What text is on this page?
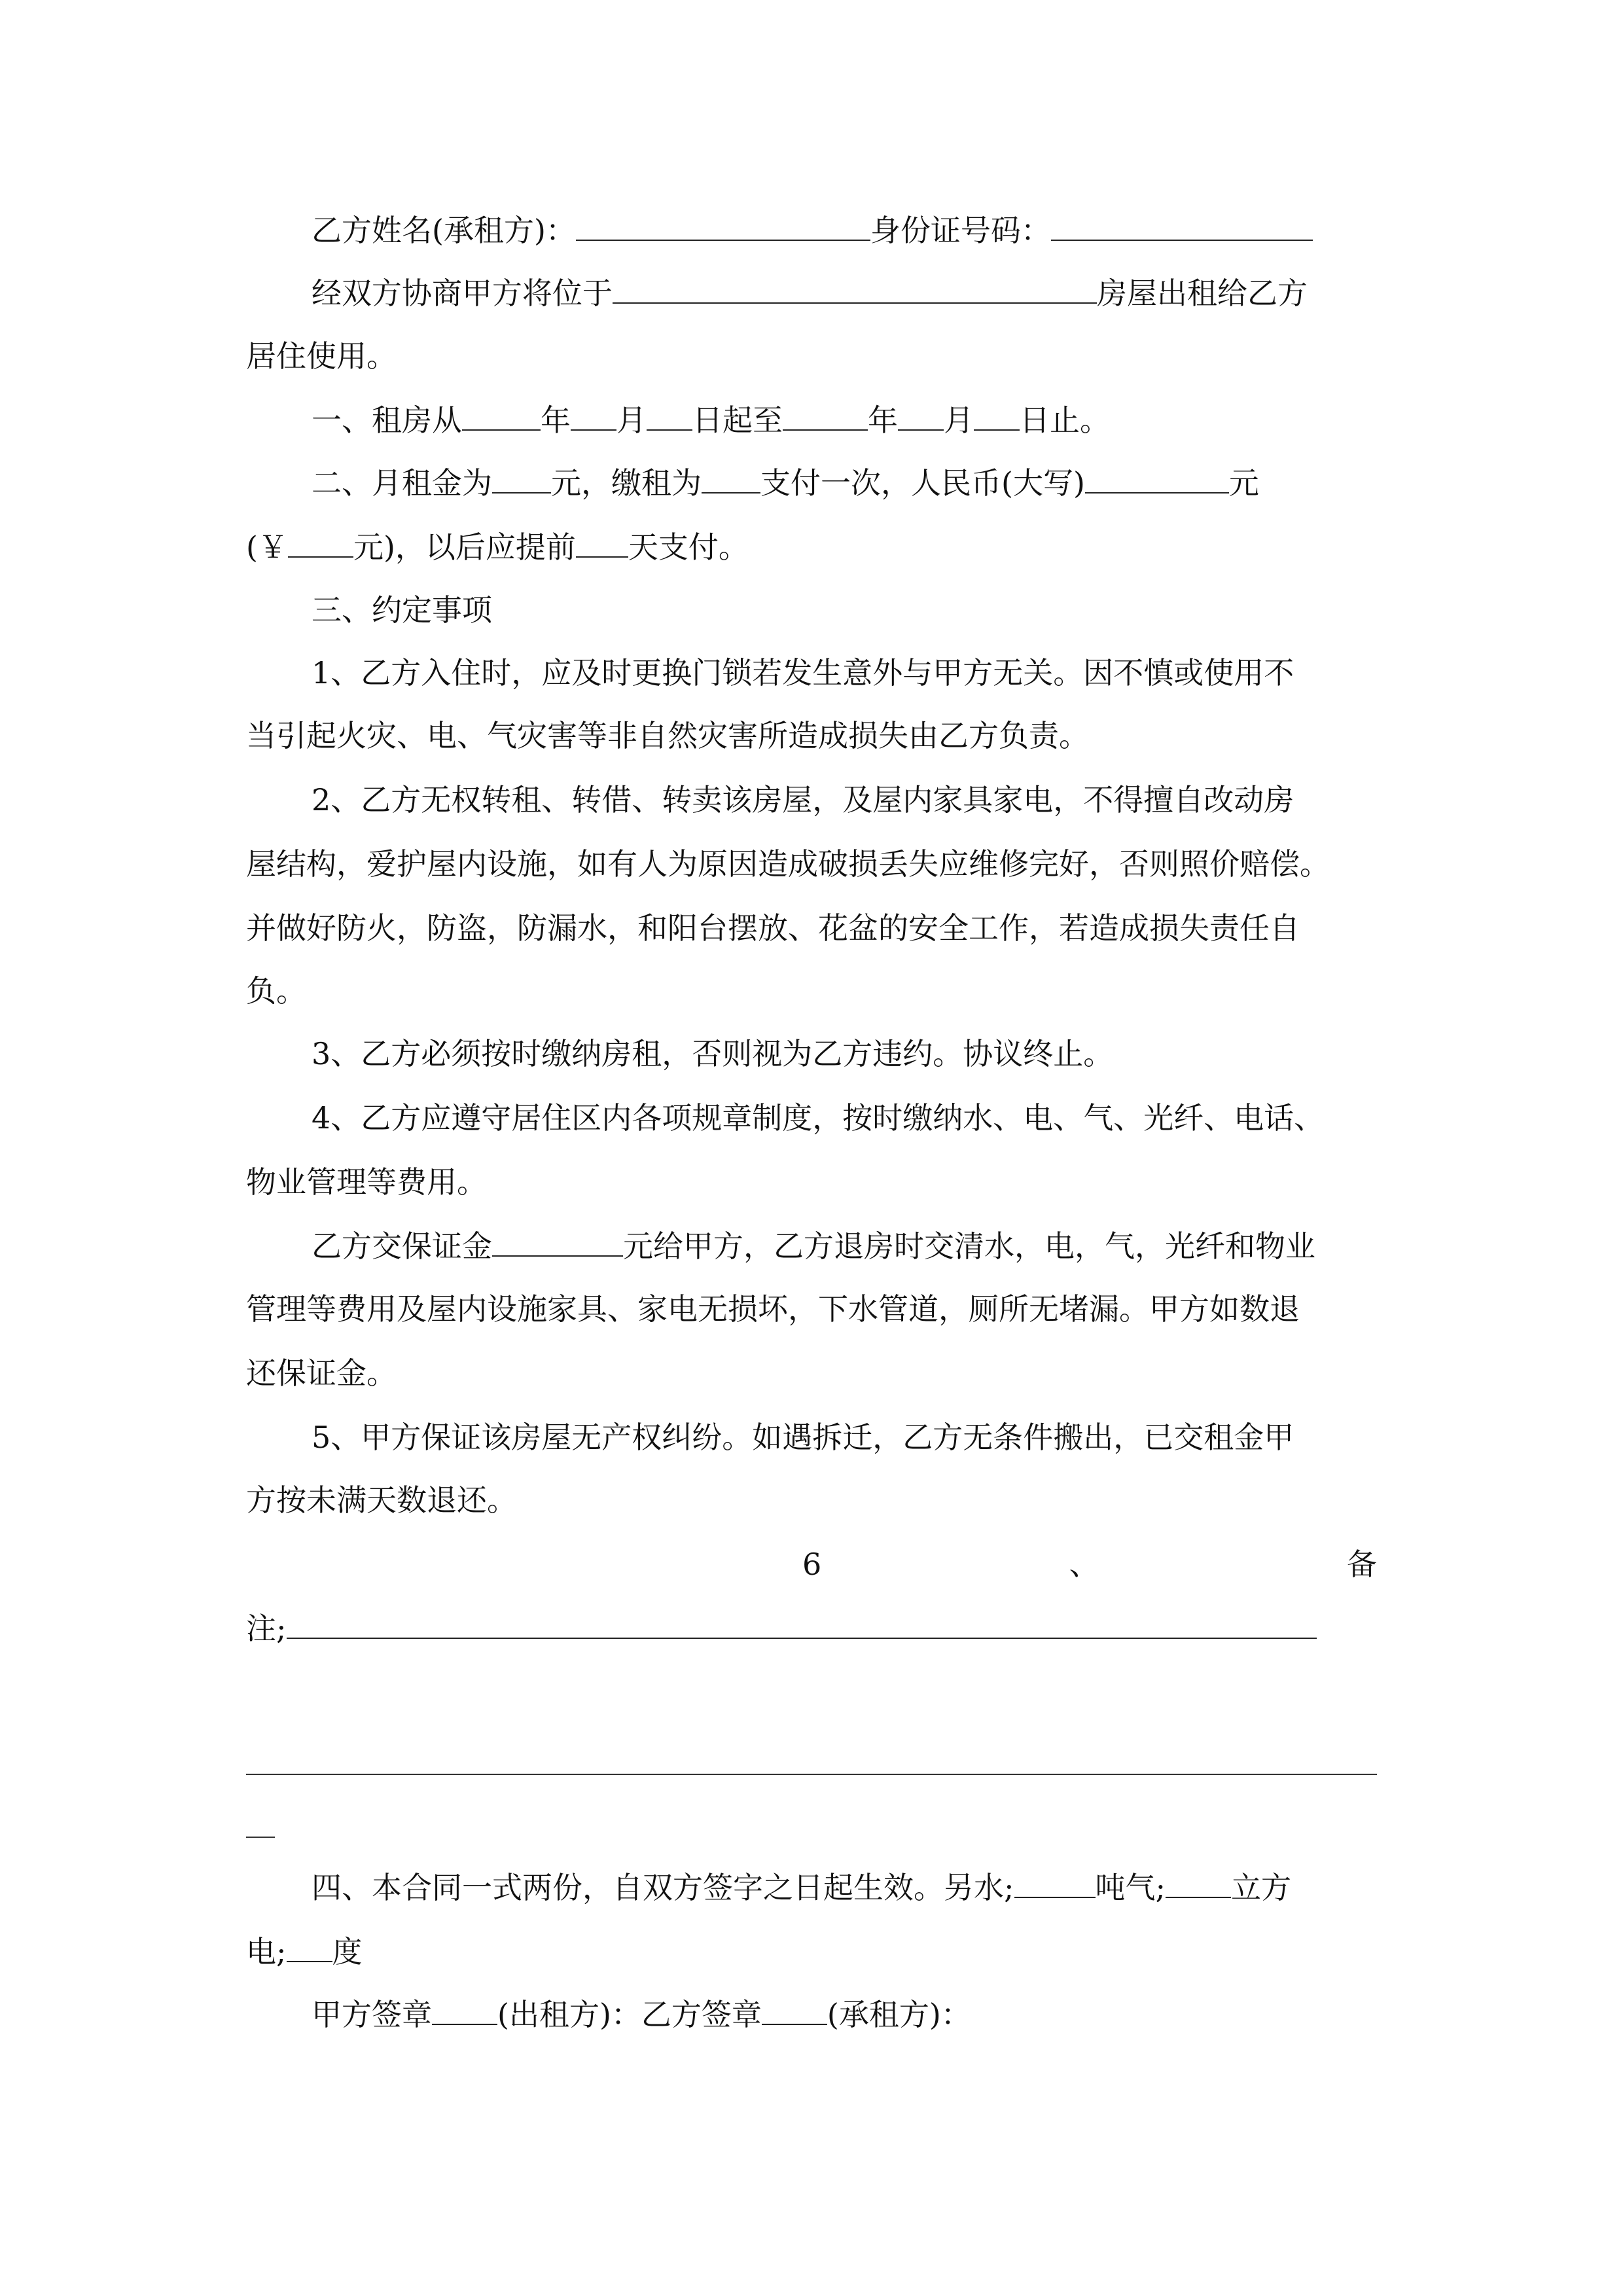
乙方姓名(承租方)：	身份证号码：
经双方协商甲方将位于	房屋出租给乙方
居住使用。
一、租房从	年 月 日起至	年 月 日止。
二、月租金为 元，缴租为 支付一次，人民币(大写)	元
(￥ 元)，以后应提前 天支付。
三、约定事项
1、乙方入住时，应及时更换门锁若发生意外与甲方无关。因不慎或使用不
当引起火灾、电、气灾害等非自然灾害所造成损失由乙方负责。
2、乙方无权转租、转借、转卖该房屋，及屋内家具家电，不得擅自改动房
屋结构，爱护屋内设施，如有人为原因造成破损丢失应维修完好，否则照价赔偿。
并做好防火，防盗，防漏水，和阳台摆放、花盆的安全工作，若造成损失责任自
负。
3、乙方必须按时缴纳房租，否则视为乙方违约。协议终止。
4、乙方应遵守居住区内各项规章制度，按时缴纳水、电、气、光纤、电话、
物业管理等费用。
乙方交保证金	元给甲方，乙方退房时交清水，电，气，光纤和物业
管理等费用及屋内设施家具、家电无损坏，下水管道，厕所无堵漏。甲方如数退
还保证金。
5、甲方保证该房屋无产权纠纷。如遇拆迁，乙方无条件搬出，已交租金甲
方按未满天数退还。
6	、	备
注;
四、本合同一式两份，自双方签字之日起生效。另水;	吨气; 立方
电; 度
甲方签章 (出租方)：乙方签章 (承租方)：
